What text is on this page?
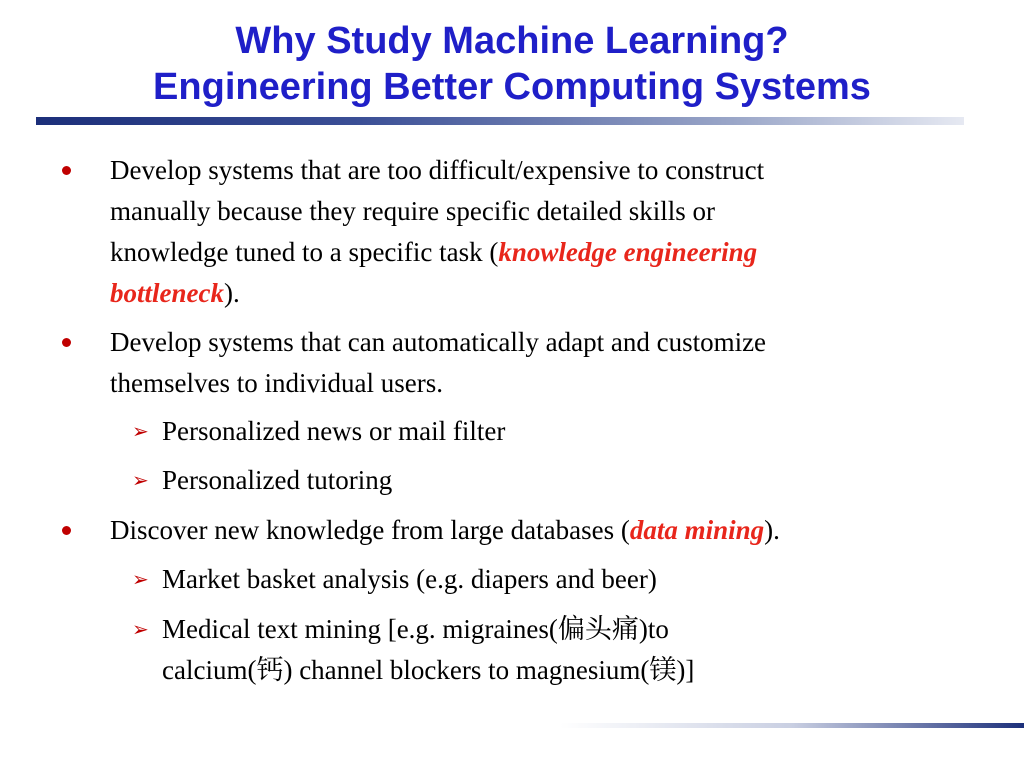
Why Study Machine Learning?
Engineering Better Computing Systems
Develop systems that are too difficult/expensive to construct
manually because they require specific detailed skills or
knowledge tuned to a specific task (knowledge engineering
bottleneck).
Develop systems that can automatically adapt and customize
themselves to individual users.
➢ Personalized news or mail filter
➢ Personalized tutoring
Discover new knowledge from large databases (data mining).
➢ Market basket analysis (e.g. diapers and beer)
➢ Medical text mining [e.g. migraines(偏头痛)to
calcium(钙) channel blockers to magnesium(镁)]
